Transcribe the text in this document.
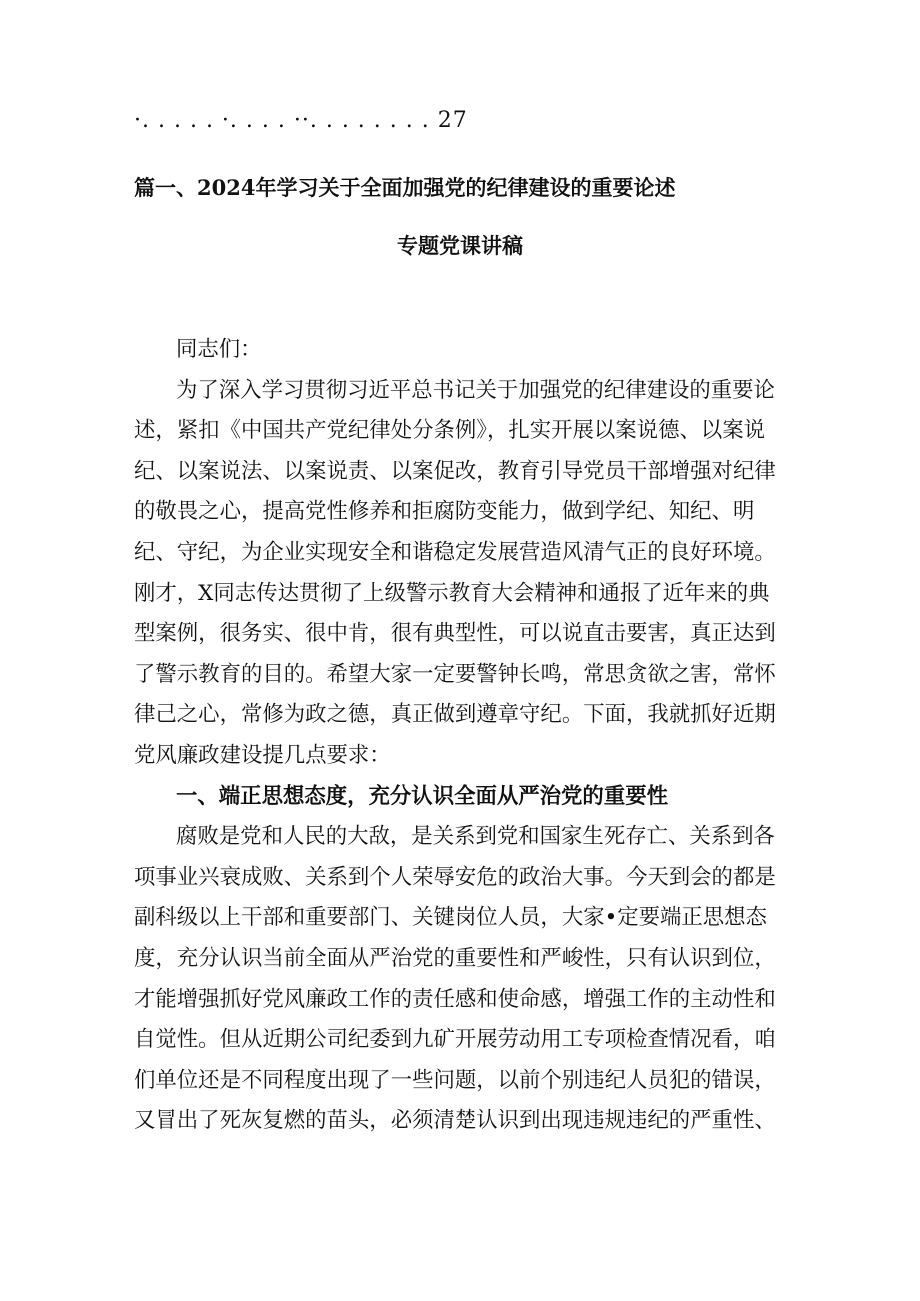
·. . . . . ·. . . . ··. . . . . . . . 27
篇一、2024年学习关于全面加强党的纪律建设的重要论述
专题党课讲稿
同志们：
为了深入学习贯彻习近平总书记关于加强党的纪律建设的重要论
述，紧扣《中国共产党纪律处分条例》，扎实开展以案说德、以案说
纪、以案说法、以案说责、以案促改，教育引导党员干部增强对纪律
的敬畏之心，提高党性修养和拒腐防变能力，做到学纪、知纪、明
纪、守纪，为企业实现安全和谐稳定发展营造风清气正的良好环境。
刚才，X同志传达贯彻了上级警示教育大会精神和通报了近年来的典
型案例，很务实、很中肯，很有典型性，可以说直击要害，真正达到
了警示教育的目的。希望大家一定要警钟长鸣，常思贪欲之害，常怀
律己之心，常修为政之德，真正做到遵章守纪。下面，我就抓好近期
党风廉政建设提几点要求：
一、端正思想态度，充分认识全面从严治党的重要性
腐败是党和人民的大敌，是关系到党和国家生死存亡、关系到各
项事业兴衰成败、关系到个人荣辱安危的政治大事。今天到会的都是
副科级以上干部和重要部门、关键岗位人员，大家•定要端正思想态
度，充分认识当前全面从严治党的重要性和严峻性，只有认识到位，
才能增强抓好党风廉政工作的责任感和使命感，增强工作的主动性和
自觉性。但从近期公司纪委到九矿开展劳动用工专项检查情况看，咱
们单位还是不同程度出现了一些问题，以前个别违纪人员犯的错误，
又冒出了死灰复燃的苗头，必须清楚认识到出现违规违纪的严重性、
